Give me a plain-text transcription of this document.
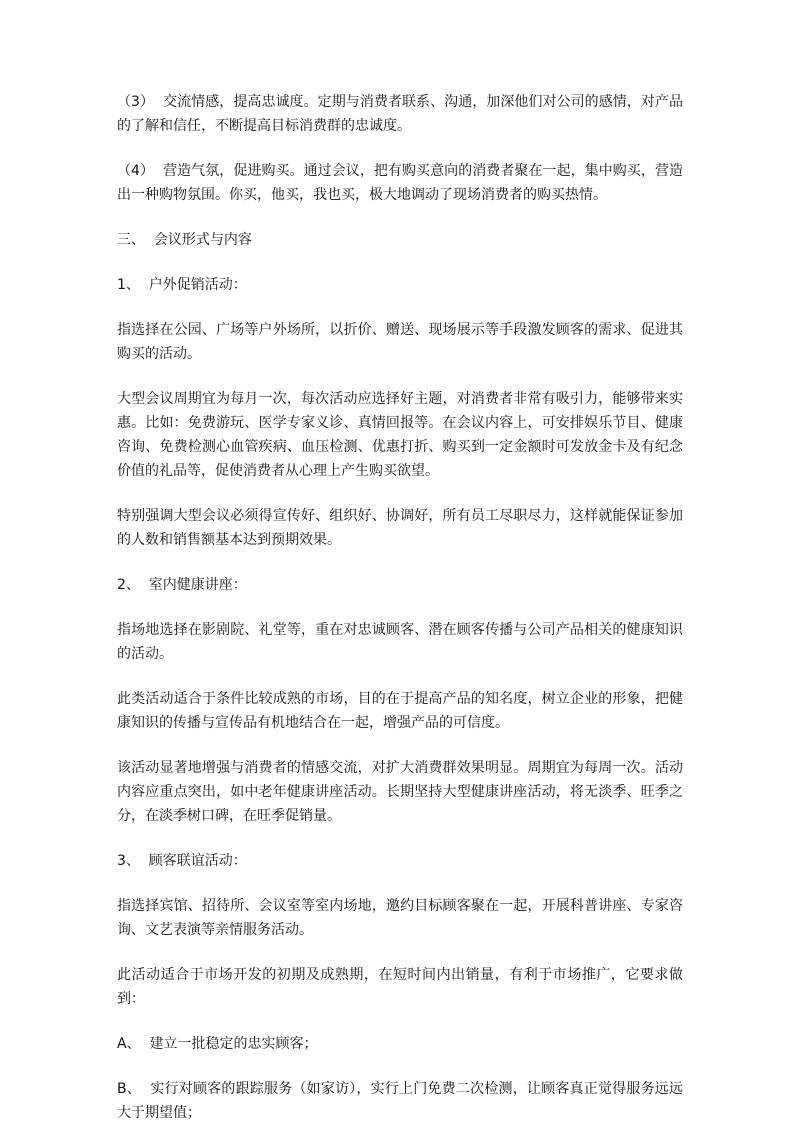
（3）  交流情感，提高忠诚度。定期与消费者联系、沟通，加深他们对公司的感情，对产品的了解和信任，不断提高目标消费群的忠诚度。

（4）  营造气氛，促进购买。通过会议，把有购买意向的消费者聚在一起，集中购买，营造出一种购物氛围。你买，他买，我也买，极大地调动了现场消费者的购买热情。

三、  会议形式与内容

1、  户外促销活动：

指选择在公园、广场等户外场所，以折价、赠送、现场展示等手段激发顾客的需求、促进其购买的活动。

大型会议周期宜为每月一次，每次活动应选择好主题，对消费者非常有吸引力，能够带来实惠。比如：免费游玩、医学专家义诊、真情回报等。在会议内容上，可安排娱乐节目、健康咨询、免费检测心血管疾病、血压检测、优惠打折、购买到一定金额时可发放金卡及有纪念价值的礼品等，促使消费者从心理上产生购买欲望。

特别强调大型会议必须得宣传好、组织好、协调好，所有员工尽职尽力，这样就能保证参加的人数和销售额基本达到预期效果。

2、  室内健康讲座：

指场地选择在影剧院、礼堂等，重在对忠诚顾客、潜在顾客传播与公司产品相关的健康知识的活动。

此类活动适合于条件比较成熟的市场，目的在于提高产品的知名度，树立企业的形象，把健康知识的传播与宣传品有机地结合在一起，增强产品的可信度。

该活动显著地增强与消费者的情感交流，对扩大消费群效果明显。周期宜为每周一次。活动内容应重点突出，如中老年健康讲座活动。长期坚持大型健康讲座活动，将无淡季、旺季之分，在淡季树口碑，在旺季促销量。

3、  顾客联谊活动：

指选择宾馆、招待所、会议室等室内场地，邀约目标顾客聚在一起，开展科普讲座、专家咨询、文艺表演等亲情服务活动。

此活动适合于市场开发的初期及成熟期，在短时间内出销量，有利于市场推广，它要求做到：

A、  建立一批稳定的忠实顾客；

B、  实行对顾客的跟踪服务（如家访），实行上门免费二次检测，让顾客真正觉得服务远远大于期望值；
